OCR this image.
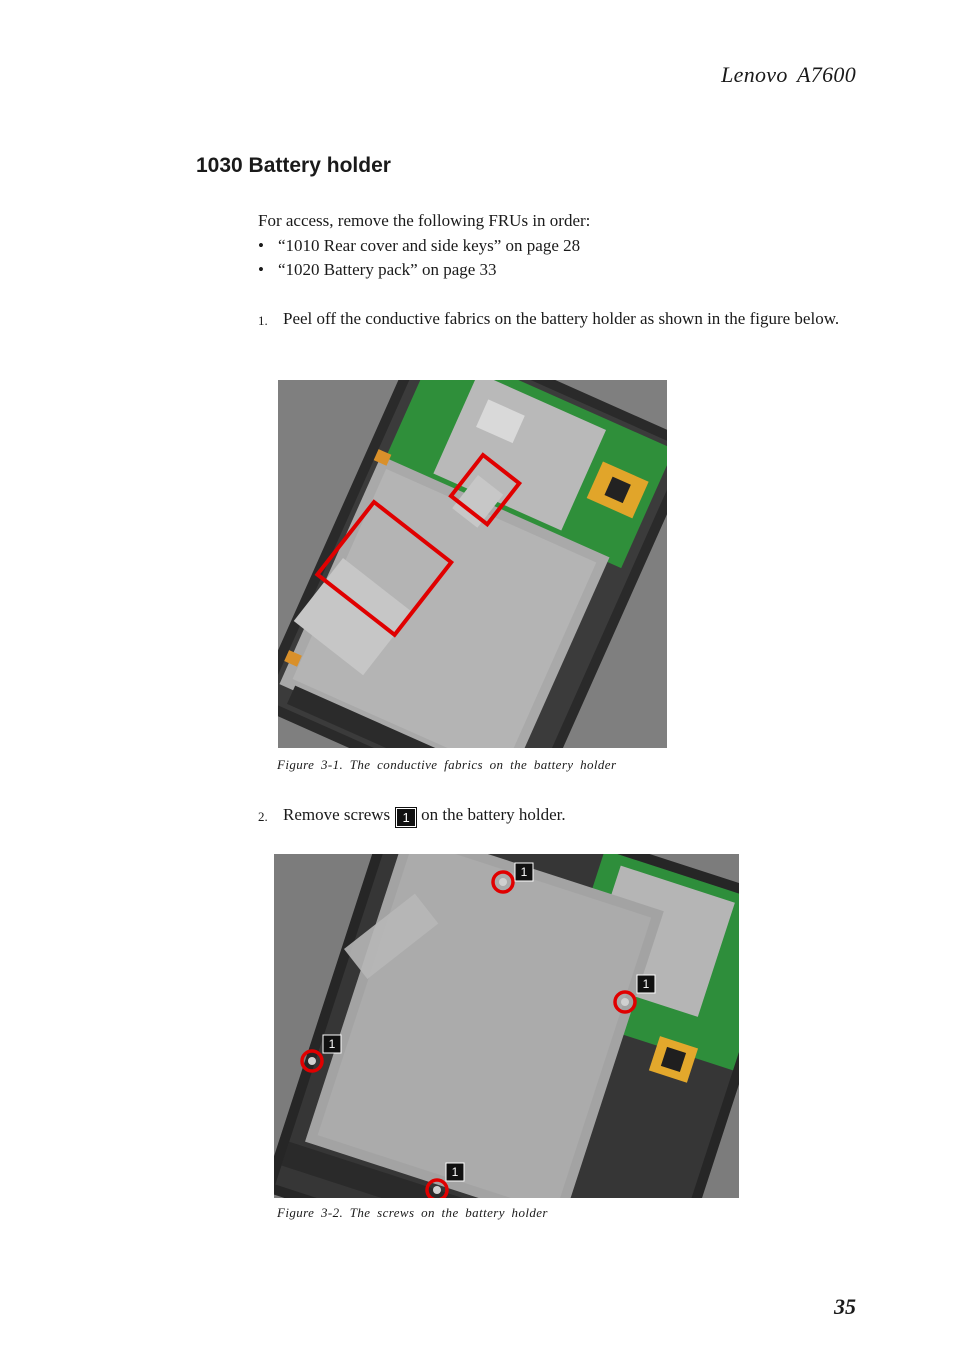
Lenovo A7600
1030 Battery holder
For access, remove the following FRUs in order:
• “1010 Rear cover and side keys” on page 28
• “1020 Battery pack” on page 33
1. Peel off the conductive fabrics on the battery holder as shown in the figure below.
Figure 3-1. The conductive fabrics on the battery holder
2. Remove screws 1 on the battery holder.
1
1
1
1
Figure 3-2. The screws on the battery holder
35
